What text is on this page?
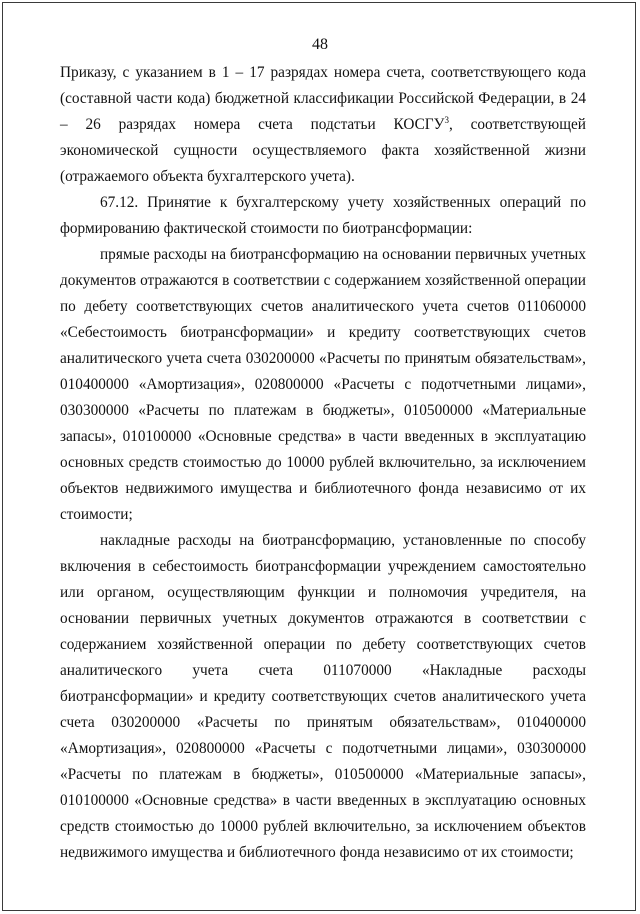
48

Приказу, с указанием в 1 – 17 разрядах номера счета, соответствующего кода (составной части кода) бюджетной классификации Российской Федерации, в 24 – 26 разрядах номера счета подстатьи КОСГУ$^3$, соответствующей экономической сущности осуществляемого факта хозяйственной жизни (отражаемого объекта бухгалтерского учета).

67.12. Принятие к бухгалтерскому учету хозяйственных операций по формированию фактической стоимости по биотрансформации:

прямые расходы на биотрансформацию на основании первичных учетных документов отражаются в соответствии с содержанием хозяйственной операции по дебету соответствующих счетов аналитического учета счетов 011060000 «Себестоимость биотрансформации» и кредиту соответствующих счетов аналитического учета счета 030200000 «Расчеты по принятым обязательствам», 010400000 «Амортизация», 020800000 «Расчеты с подотчетными лицами», 030300000 «Расчеты по платежам в бюджеты», 010500000 «Материальные запасы», 010100000 «Основные средства» в части введенных в эксплуатацию основных средств стоимостью до 10000 рублей включительно, за исключением объектов недвижимого имущества и библиотечного фонда независимо от их стоимости;

накладные расходы на биотрансформацию, установленные по способу включения в себестоимость биотрансформации учреждением самостоятельно или органом, осуществляющим функции и полномочия учредителя, на основании первичных учетных документов отражаются в соответствии с содержанием хозяйственной операции по дебету соответствующих счетов аналитического учета счета 011070000 «Накладные расходы биотрансформации» и кредиту соответствующих счетов аналитического учета счета 030200000 «Расчеты по принятым обязательствам», 010400000 «Амортизация», 020800000 «Расчеты с подотчетными лицами», 030300000 «Расчеты по платежам в бюджеты», 010500000 «Материальные запасы», 010100000 «Основные средства» в части введенных в эксплуатацию основных средств стоимостью до 10000 рублей включительно, за исключением объектов недвижимого имущества и библиотечного фонда независимо от их стоимости;
